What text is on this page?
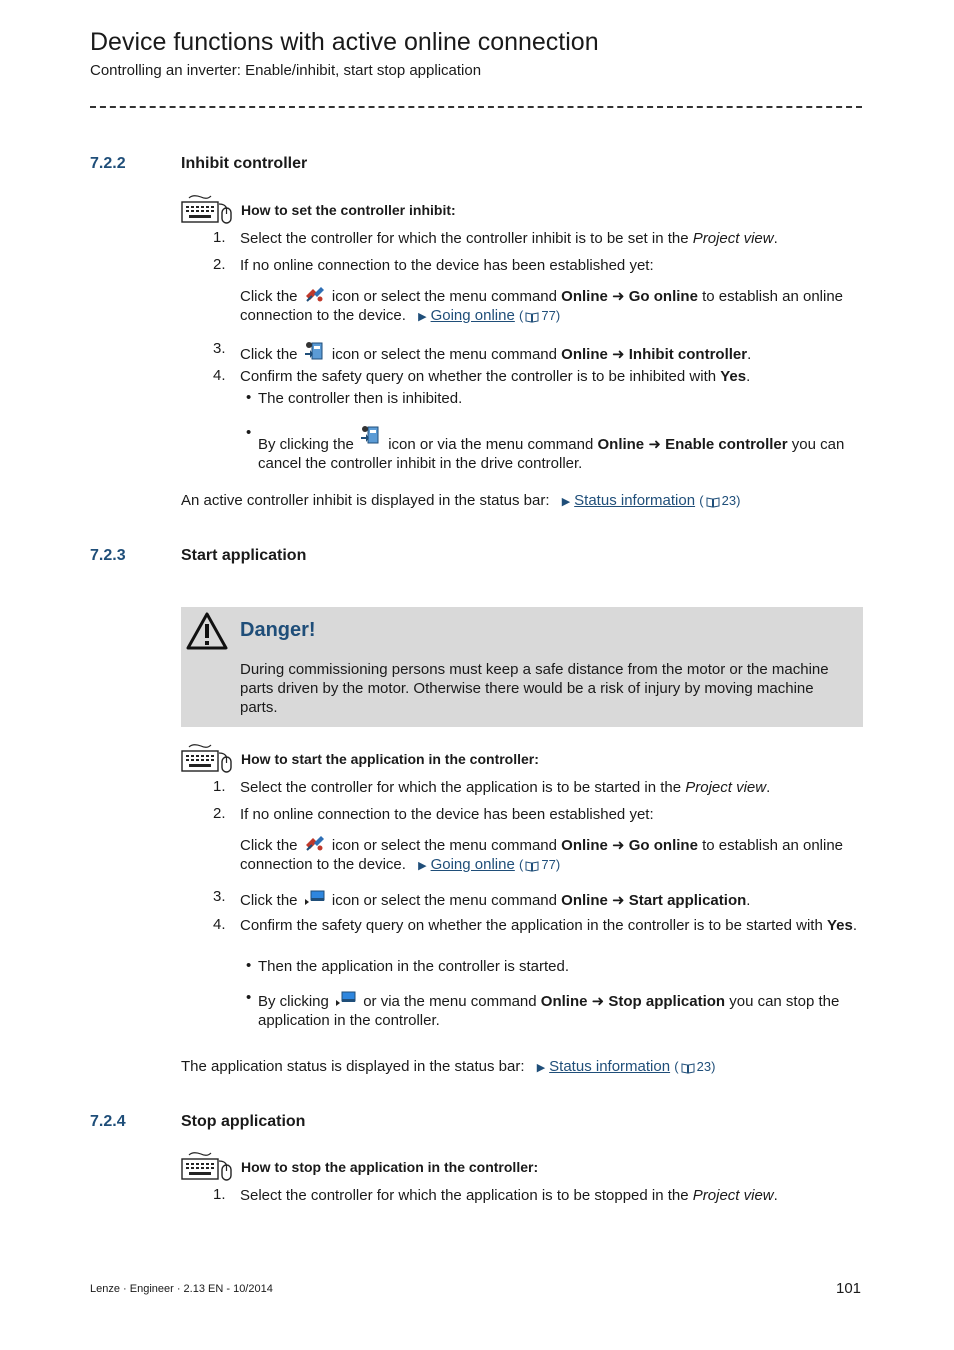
Device functions with active online connection
Controlling an inverter: Enable/inhibit, start stop application
7.2.2	Inhibit controller
How to set the controller inhibit:
1. Select the controller for which the controller inhibit is to be set in the Project view.
2. If no online connection to the device has been established yet:
Click the  icon or select the menu command Online ➜ Go online to establish an online connection to the device. ▶ Going online ( 77)
3. Click the  icon or select the menu command Online ➜ Inhibit controller.
4. Confirm the safety query on whether the controller is to be inhibited with Yes.
• The controller then is inhibited.
•
By clicking the  icon or via the menu command Online ➜ Enable controller you can cancel the controller inhibit in the drive controller.
An active controller inhibit is displayed in the status bar: ▶ Status information ( 23)
7.2.3	Start application
Danger!
During commissioning persons must keep a safe distance from the motor or the machine parts driven by the motor. Otherwise there would be a risk of injury by moving machine parts.
How to start the application in the controller:
1. Select the controller for which the application is to be started in the Project view.
2. If no online connection to the device has been established yet:
Click the  icon or select the menu command Online ➜ Go online to establish an online connection to the device. ▶ Going online ( 77)
3. Click the  icon or select the menu command Online ➜ Start application.
4. Confirm the safety query on whether the application in the controller is to be started with Yes.
• Then the application in the controller is started.
• By clicking  or via the menu command Online ➜ Stop application you can stop the application in the controller.
The application status is displayed in the status bar: ▶ Status information ( 23)
7.2.4	Stop application
How to stop the application in the controller:
1. Select the controller for which the application is to be stopped in the Project view.
Lenze · Engineer · 2.13 EN - 10/2014	101
